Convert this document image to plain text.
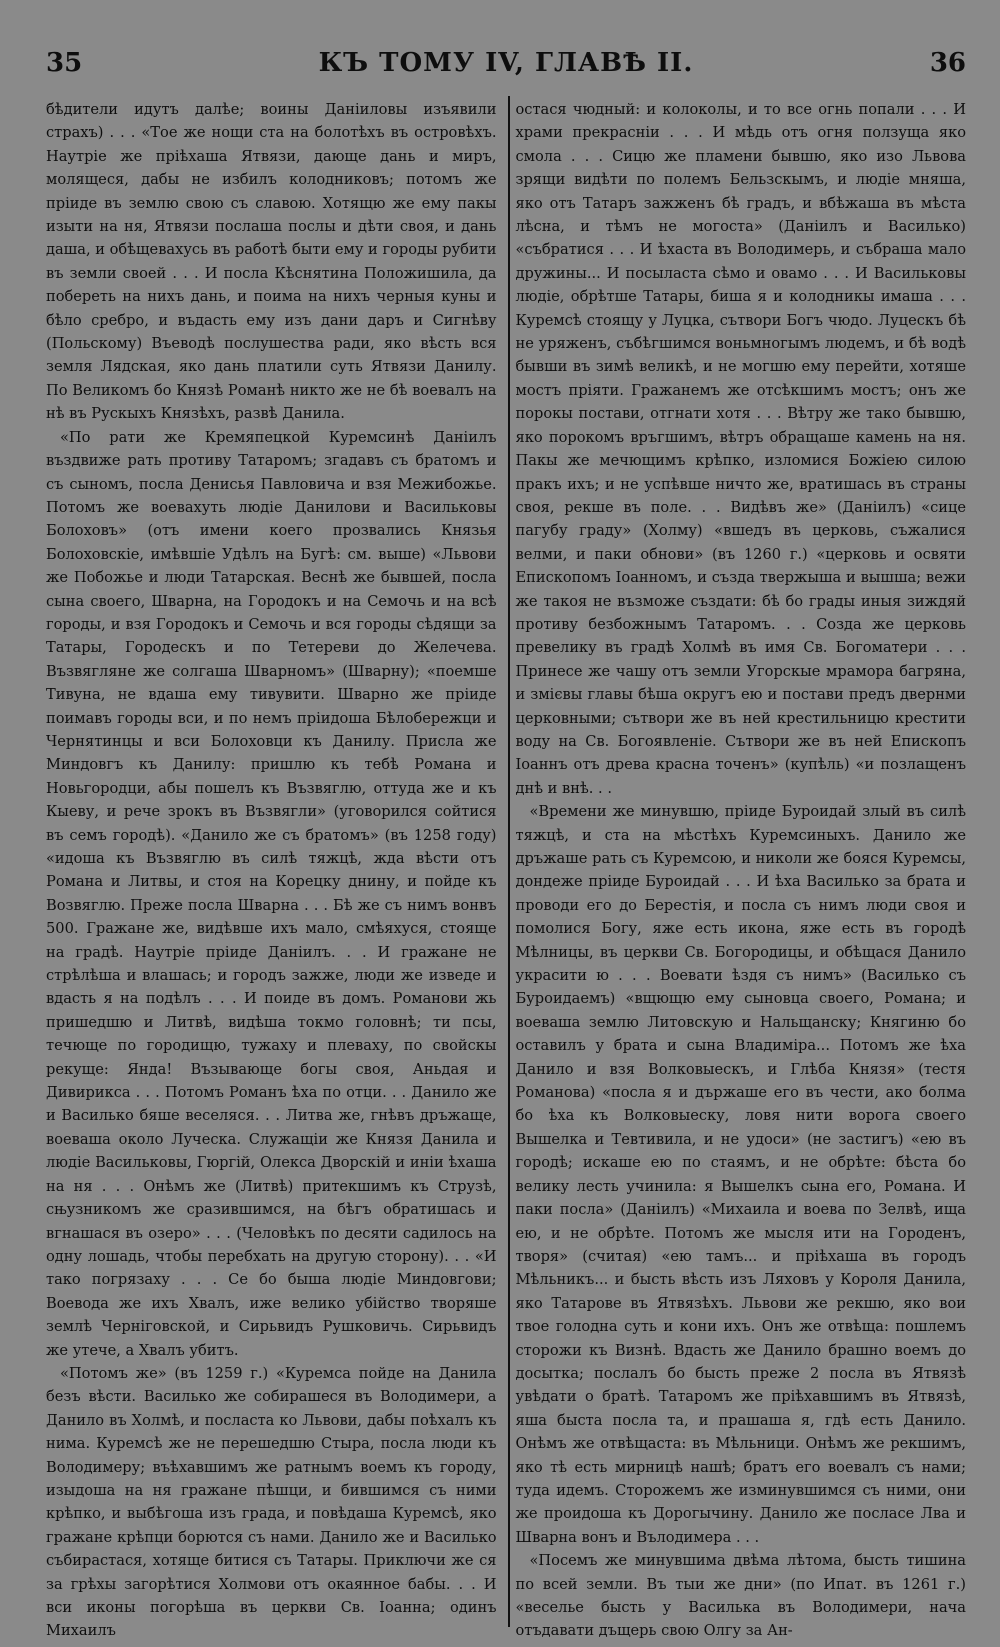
35	КЪ ТОМУ IV, ГЛАВѢ II.	36

бѣдители идутъ далѣе; воины Даніиловы изъявили страхъ) . . . «Тое же нощи ста на болотѣхъ въ островѣхъ. Наутріе же пріѣхаша Ятвязи, дающе дань и миръ, молящеся, дабы не избилъ колодниковъ; потомъ же пріиде въ землю свою съ славою. Хотящю же ему пакы изыти на ня, Ятвязи послаша послы и дѣти своя, и дань даша, и обѣщевахусь въ работѣ быти ему и городы рубити въ земли своей . . . И посла Кѣснятина Положишила, да побереть на нихъ дань, и поима на нихъ черныя куны и бѣло сребро, и въдасть ему изъ дани даръ и Сигнѣву (Польскому) Въеводѣ послушества ради, яко вѣсть вся земля Лядская, яко дань платили суть Ятвязи Данилу. По Великомъ бо Князѣ Романѣ никто же не бѣ воевалъ на нѣ въ Рускыхъ Князѣхъ, развѣ Данила.

«По рати же Кремяпецкой Куремсинѣ Даніилъ въздвиже рать противу Татаромъ; згадавъ съ братомъ и съ сыномъ, посла Денисья Павловича и взя Межибожье. Потомъ же воевахуть людіе Данилови и Васильковы Болоховъ» (отъ имени коего прозвались Князья Болоховскіе, имѣвшіе Удѣлъ на Бугѣ: см. выше) «Львови же Побожье и люди Татарская. Веснѣ же бывшей, посла сына своего, Шварна, на Городокъ и на Семочь и на всѣ городы, и взя Городокъ и Семочь и вся городы сѣдящи за Татары, Городескъ и по Тетереви до Желечева. Възвягляне же солгаша Шварномъ» (Шварну); «поемше Тивуна, не вдаша ему тивувити. Шварно же пріиде поимавъ городы вси, и по немъ пріидоша Бѣлобережци и Чернятинцы и вси Болоховци къ Данилу. Присла же Миндовгъ къ Данилу: пришлю къ тебѣ Романа и Новьгородци, абы пошелъ къ Възвяглю, оттуда же и къ Кыеву, и рече зрокъ въ Възвягли» (уговорился сойтися въ семъ городѣ). «Данило же съ братомъ» (въ 1258 году) «идоша къ Възвяглю въ силѣ тяжцѣ, жда вѣсти отъ Романа и Литвы, и стоя на Корецку днину, и пойде къ Возвяглю. Преже посла Шварна . . . Бѣ же съ нимъ вонвъ 500. Гражане же, видѣвше ихъ мало, смѣяхуся, стояще на градѣ. Наутріе пріиде Даніилъ. . . И гражане не стрѣлѣша и влашась; и городъ зажже, люди же изведе и вдасть я на подѣлъ . . . И поиде въ домъ. Романови жь пришедшю и Литвѣ, видѣша токмо головнѣ; ти псы, течюще по городищю, тужаху и плеваху, по свойскы рекуще: Янда! Възывающе богы своя, Аньдая и Дивирикса . . . Потомъ Романъ ѣха по отци. . . Данило же и Василько бяше веселяся. . . Литва же, гнѣвъ дръжаще, воеваша около Луческа. Служащіи же Князя Данила и людіе Васильковы, Гюргій, Олекса Дворскій и иніи ѣхаша на ня . . . Онѣмъ же (Литвѣ) притекшимъ къ Струзѣ, сњузникомъ же сразившимся, на бѣгъ обратишась и вгнашася въ озеро» . . . (Человѣкъ по десяти садилось на одну лошадь, чтобы перебхать на другую сторону). . . «И тако погрязаху . . . Се бо быша людіе Миндовгови; Воевода же ихъ Хвалъ, иже велико убійство творяше землѣ Черніговской, и Сирьвидъ Рушковичь. Сирьвидъ же утече, а Хвалъ убитъ.

«Потомъ же» (въ 1259 г.) «Куремса пойде на Данила безъ вѣсти. Василько же собирашеся въ Володимери, а Данило въ Холмѣ, и посласта ко Львови, дабы поѣхалъ къ нима. Куремсѣ же не перешедшю Стыра, посла люди къ Володимеру; въѣхавшимъ же ратнымъ воемъ къ городу, изыдоша на ня гражане пѣшци, и бившимся съ ними крѣпко, и выбѣгоша изъ града, и повѣдаша Куремсѣ, яко гражане крѣпци борются съ нами. Данило же и Василько събирастася, хотяще битися съ Татары. Приключи же ся за грѣхы загорѣтися Холмови отъ окаянное бабы. . . И вси иконы погорѣша въ церкви Св. Іоанна; одинъ Михаилъ

остася чюдный: и колоколы, и то все огнь попали . . . И храми прекраснiи . . . И мѣдь отъ огня ползуща яко смола . . . Сицю же пламени бывшю, яко изо Львова зрящи видѣти по полемъ Бельзскымъ, и людіе мняша, яко отъ Татаръ зажженъ бѣ градъ, и вбѣжаша въ мѣста лѣсна, и тѣмъ не могоста» (Даніилъ и Василько) «събратися . . . И ѣхаста въ Володимерь, и събраша мало дружины... И посыласта сѣмо и овамо . . . И Васильковы людіе, обрѣтше Татары, биша я и колодникы имаша . . . Куремсѣ стоящу у Луцка, сътвори Богъ чюдо. Луцескъ бѣ не уряженъ, събѣгшимся воньмногымъ людемъ, и бѣ водѣ бывши въ зимѣ великѣ, и не могшю ему перейти, хотяше мостъ пріяти. Гражанемъ же отсѣкшимъ мостъ; онъ же порокы постави, отгнати хотя . . . Вѣтру же тако бывшю, яко порокомъ връгшимъ, вѣтръ обращаше камень на ня. Пакы же мечющимъ крѣпко, изломися Божіею силою пракъ ихъ; и не успѣвше ничто же, вратишась въ страны своя, рекше въ поле. . . Видѣвъ же» (Даніилъ) «сице пагубу граду» (Холму) «вшедъ въ церковь, съжалися велми, и паки обнови» (въ 1260 г.) «церковь и освяти Епископомъ Іоанномъ, и създа твержыша и вышша; вежи же такоя не възможе създати: бѣ бо грады иныя зиждяй противу безбожнымъ Татаромъ. . . Созда же церковь превелику въ градѣ Холмѣ въ имя Св. Богоматери . . . Принесе же чашу отъ земли Угорскые мрамора багряна, и змієвы главы бѣша округъ ею и постави предъ двернми церковными; сътвори же въ ней крестильницю крестити воду на Св. Богоявленіе. Сътвори же въ ней Епископъ Іоаннъ отъ древа красна точенъ» (купѣль) «и позлащенъ днѣ и внѣ. . .

«Времени же минувшю, пріиде Буроидай злый въ силѣ тяжцѣ, и ста на мѣстѣхъ Куремсиныхъ. Данило же дръжаше рать съ Куремсою, и николи же бояся Куремсы, дондеже пріиде Буроидай . . . И ѣха Василько за брата и проводи его до Берестія, и посла съ нимъ люди своя и помолися Богу, яже есть икона, яже есть въ городѣ Мѣлницы, въ церкви Св. Богородицы, и обѣщася Данило украсити ю . . . Воевати ѣздя съ нимъ» (Василько съ Буроидаемъ) «вщющю ему сыновца своего, Романа; и воеваша землю Литовскую и Нальщанску; Княгиню бо оставилъ у брата и сына Владиміра... Потомъ же ѣха Данило и взя Волковыескъ, и Глѣба Князя» (тестя Романова) «посла я и държаше его въ чести, ако болма бо ѣха къ Волковыеску, ловя нити ворога своего Вышелка и Тевтивила, и не удоси» (не застигъ) «ею въ городѣ; искаше ею по стаямъ, и не обрѣте: бѣста бо велику лесть учинила: я Вышелкъ сына его, Романа. И паки посла» (Даніилъ) «Михаила и воева по Зелвѣ, ища ею, и не обрѣте. Потомъ же мысля ити на Городенъ, творя» (считая) «ею тамъ... и пріѣхаша въ городъ Мѣльникъ... и бысть вѣсть изъ Ляховъ у Короля Данила, яко Татарове въ Ятвязѣхъ. Львови же рекшю, яко вои твое голодна суть и кони ихъ. Онъ же отвѣща: пошлемъ сторожи къ Визнѣ. Вдасть же Данило брашно воемъ до досытка; послалъ бо бысть преже 2 посла въ Ятвязѣ увѣдати о братѣ. Татаромъ же пріѣхавшимъ въ Ятвязѣ, яша быста посла та, и прашаша я, гдѣ есть Данило. Онѣмъ же отвѣщаста: въ Мѣльници. Онѣмъ же рекшимъ, яко тѣ есть мирницѣ нашѣ; братъ его воевалъ съ нами; туда идемъ. Сторожемъ же изминувшимся съ ними, они же проидоша къ Дорогычину. Данило же посласе Лва и Шварна вонъ и Вълодимера . . .

«Посемъ же минувшима двѣма лѣтома, бысть тишина по всей земли. Въ тыи же дни» (по Ипат. въ 1261 г.) «веселье бысть у Василька въ Володимери, нача отъдавати дъщерь свою Олгу за Ан-
